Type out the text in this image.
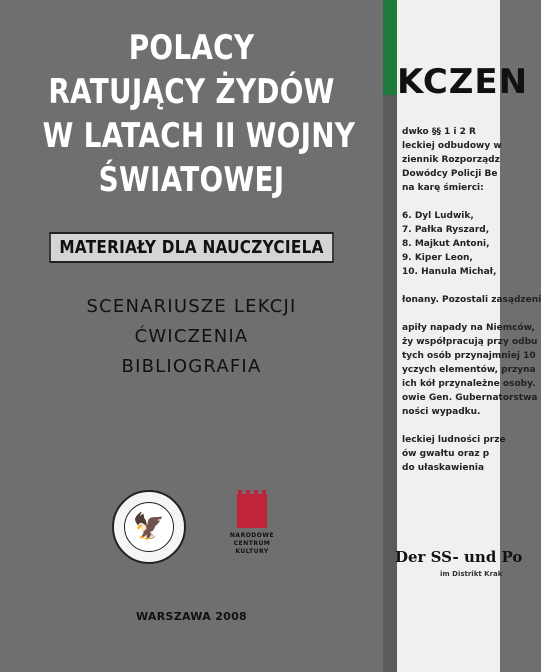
POLACY
RATUJĄCY ŻYDÓW
W LATACH II WOJNY
ŚWIATOWEJ
MATERIAŁY DLA NAUCZYCIELA
SCENARIUSZE LEKCJI
ĆWICZENIA
BIBLIOGRAFIA
🦅	NARODOWE
CENTRUM
KULTURY
WARSZAWA 2008
KCZEN
dwko §§ 1 i 2 R
leckiej odbudowy w
ziennik Rozporządz
Dowódcy Policji Be
na karę śmierci:

6. Dyl Ludwik,
7. Pałka Ryszard,
8. Majkut Antoni,
9. Kiper Leon,
10. Hanula Michał,

łonany. Pozostali zasądzeni

apiły napady na Niemców,
ży współpracują przy odbu
tych osób przynajmniej 10
yczych elementów, przyna
ich kół przynależne osoby.
owie Gen. Gubernatorstwa
ności wypadku.

leckiej ludności prze
ów gwałtu oraz p
do ułaskawienia
Der SS- und Po
im Distrikt Krak
